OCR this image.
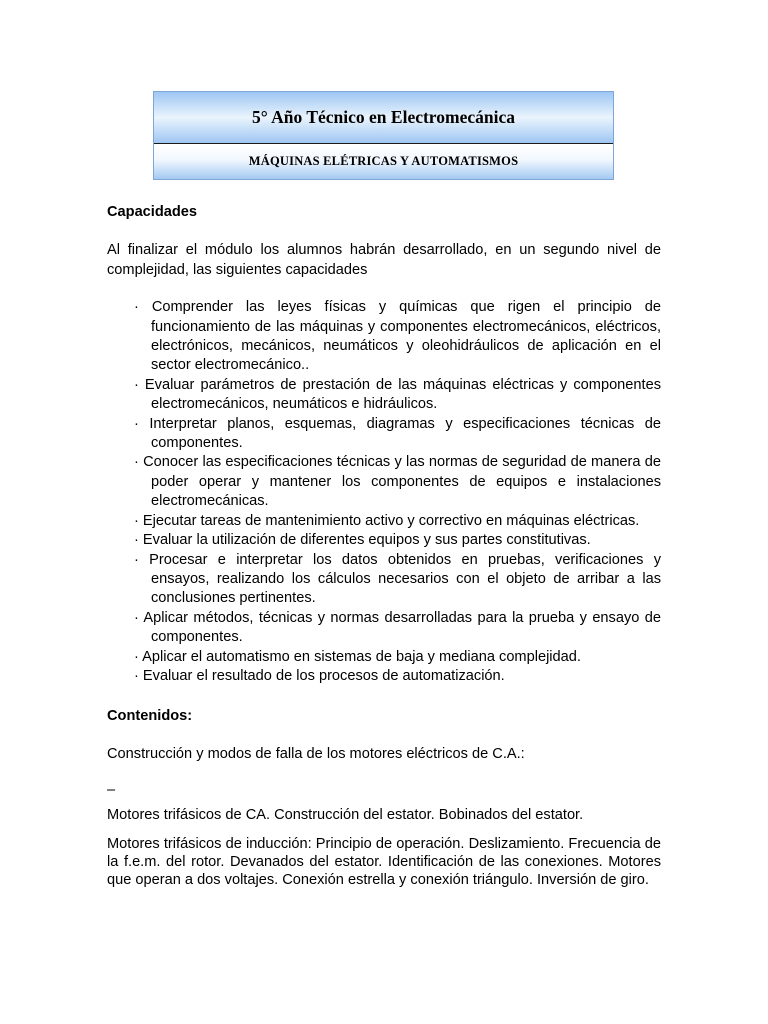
5° Año Técnico en Electromecánica
MÁQUINAS ELÉTRICAS Y AUTOMATISMOS

Capacidades

Al finalizar el módulo los alumnos habrán desarrollado, en un segundo nivel de complejidad, las siguientes capacidades

· Comprender las leyes físicas y químicas que rigen el principio de funcionamiento de las máquinas y componentes electromecánicos, eléctricos, electrónicos, mecánicos, neumáticos y oleohidráulicos de aplicación en el sector electromecánico..
· Evaluar parámetros de prestación de las máquinas eléctricas y componentes electromecánicos, neumáticos e hidráulicos.
· Interpretar planos, esquemas, diagramas y especificaciones técnicas de componentes.
· Conocer las especificaciones técnicas y las normas de seguridad de manera de poder operar y mantener los componentes de equipos e instalaciones electromecánicas.
· Ejecutar tareas de mantenimiento activo y correctivo en máquinas eléctricas.
· Evaluar la utilización de diferentes equipos y sus partes constitutivas.
· Procesar e interpretar los datos obtenidos en pruebas, verificaciones y ensayos, realizando los cálculos necesarios con el objeto de arribar a las conclusiones pertinentes.
· Aplicar métodos, técnicas y normas desarrolladas para la prueba y ensayo de componentes.
· Aplicar el automatismo en sistemas de baja y mediana complejidad.
· Evaluar el resultado de los procesos de automatización.

Contenidos:

Construcción y modos de falla de los motores eléctricos de C.A.:

–

Motores trifásicos de CA. Construcción del estator. Bobinados del estator.

Motores trifásicos de inducción: Principio de operación. Deslizamiento. Frecuencia de la f.e.m. del rotor. Devanados del estator. Identificación de las conexiones. Motores que operan a dos voltajes. Conexión estrella y conexión triángulo. Inversión de giro.
